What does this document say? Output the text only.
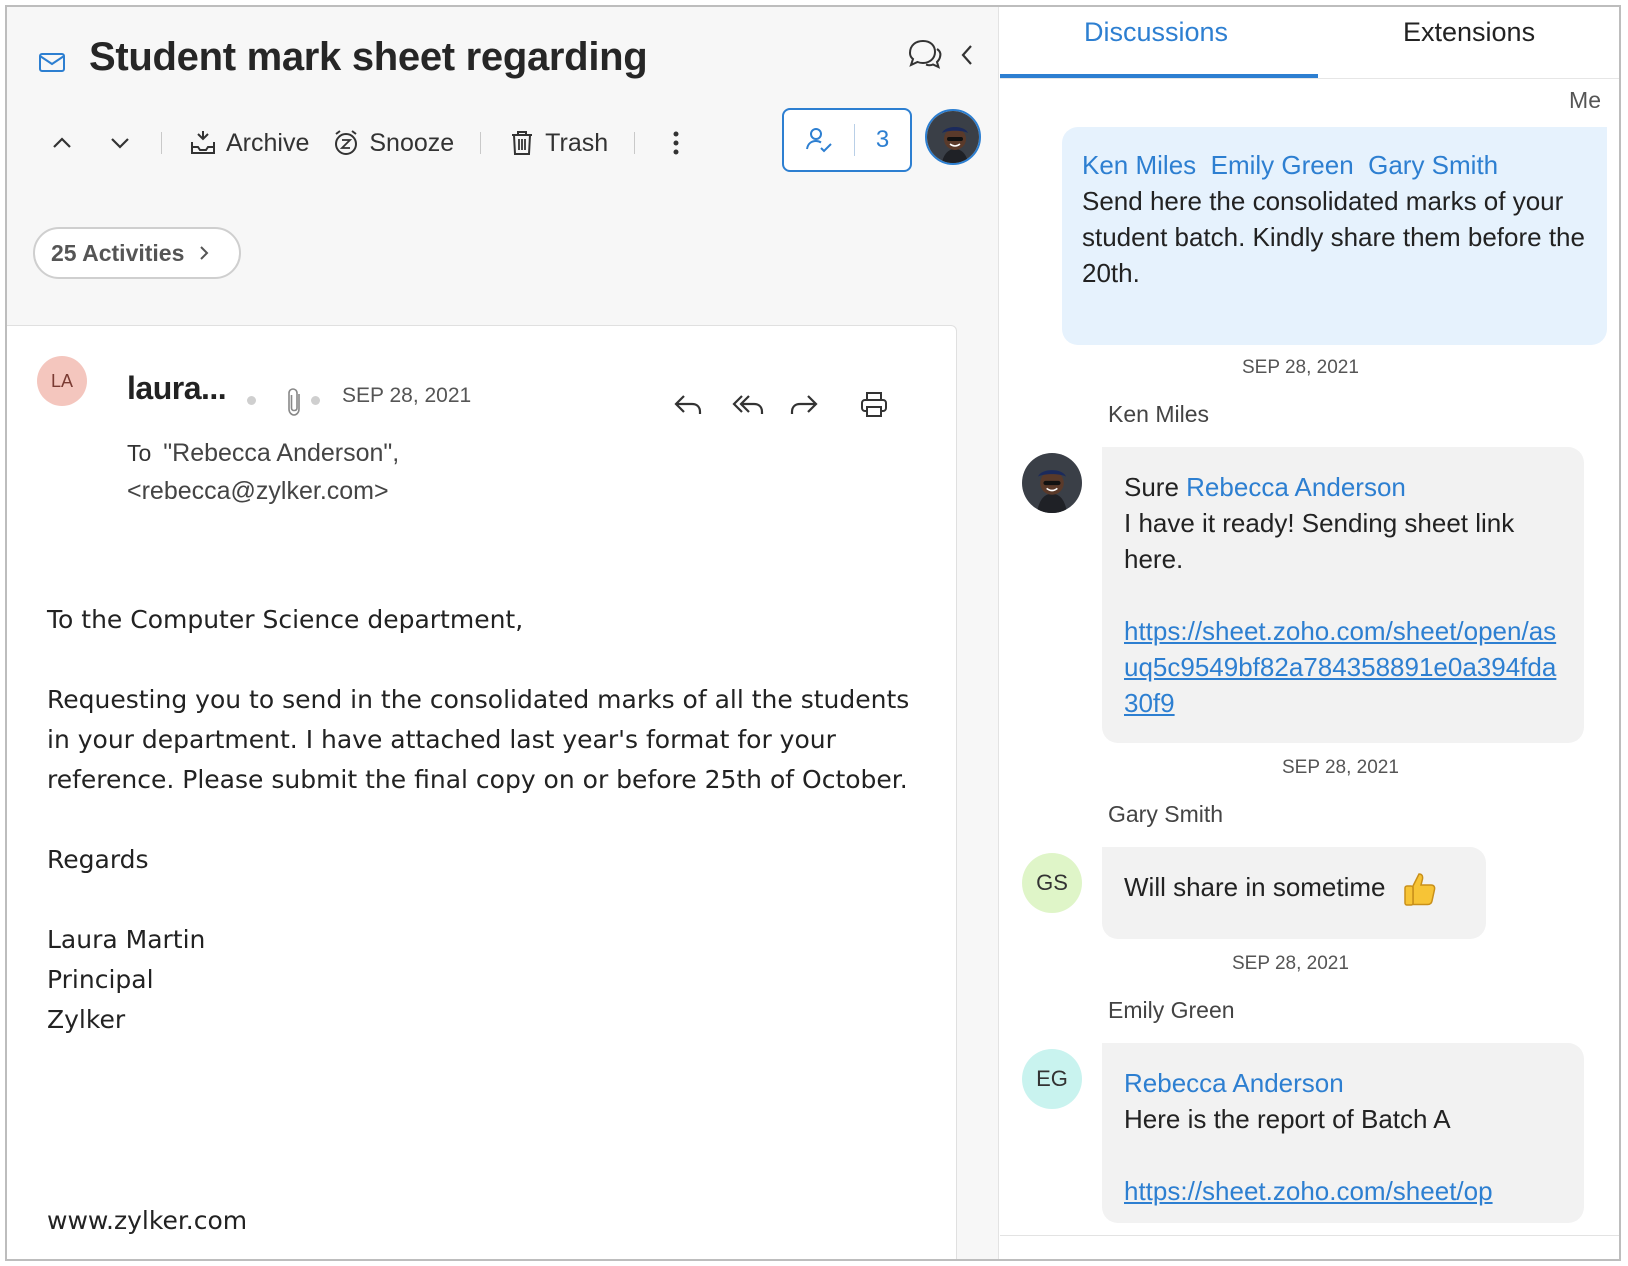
Student mark sheet regarding
Archive Snooze	Trash	3
25 Activities
LA	laura...	SEP 28, 2021
To "Rebecca Anderson",
<rebecca@zylker.com>

To the Computer Science department,

Requesting you to send in the consolidated marks of all the students in your department. I have attached last year's format for your reference. Please submit the final copy on or before 25th of October.

Regards

Laura Martin
Principal
Zylker
www.zylker.com
Discussions	Extensions
Me
Ken Miles Emily Green Gary Smith
Send here the consolidated marks of your student batch. Kindly share them before the 20th.
SEP 28, 2021
Ken Miles
Sure Rebecca Anderson
I have it ready! Sending sheet link here.
https://sheet.zoho.com/sheet/open/asuq5c9549bf82a784358891e0a394fda30f9
SEP 28, 2021
Gary Smith
GS	Will share in sometime
SEP 28, 2021
Emily Green
EG	Rebecca Anderson
Here is the report of Batch A
https://sheet.zoho.com/sheet/op
